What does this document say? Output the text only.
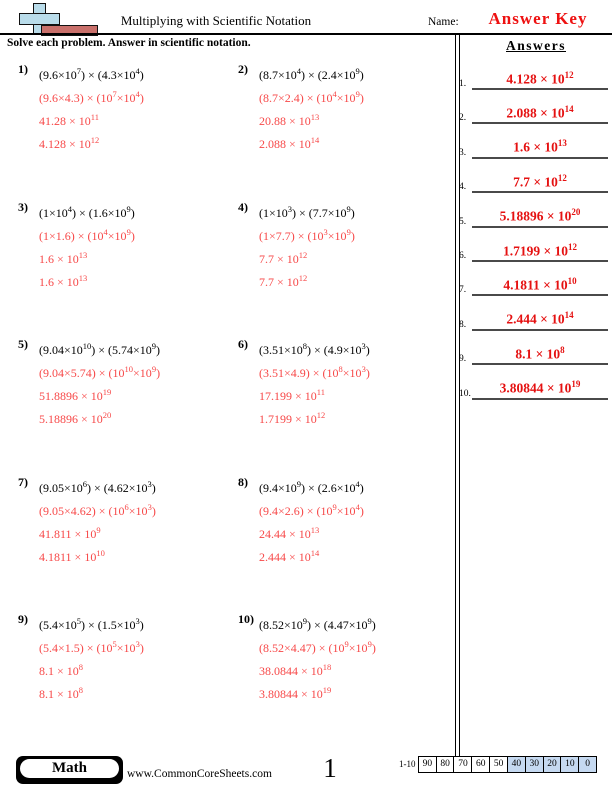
Multiplying with Scientific Notation	Name:	Answer Key
Solve each problem. Answer in scientific notation.	Answers
1.	$4.128 \times 10^{12}$
2.	$2.088 \times 10^{14}$
3.	$1.6 \times 10^{13}$
4.	$7.7 \times 10^{12}$
5.	$5.18896 \times 10^{20}$
6.	$1.7199 \times 10^{12}$
7.	$4.1811 \times 10^{10}$
8.	$2.444 \times 10^{14}$
9.	$8.1 \times 10^8$
10.	$3.80844 \times 10^{19}$
1) $(9.6\times 10^7) \times (4.3\times 10^4)$
$(9.6\times 4.3) \times (10^7\times 10^4)$
$41.28 \times 10^{11}$
$4.128 \times 10^{12}$
2) $(8.7\times 10^4) \times (2.4\times 10^9)$
$(8.7\times 2.4) \times (10^4\times 10^9)$
$20.88 \times 10^{13}$
$2.088 \times 10^{14}$
3) $(1\times 10^4) \times (1.6\times 10^9)$
$(1\times 1.6) \times (10^4\times 10^9)$
$1.6 \times 10^{13}$
$1.6 \times 10^{13}$
4) $(1\times 10^3) \times (7.7\times 10^9)$
$(1\times 7.7) \times (10^3\times 10^9)$
$7.7 \times 10^{12}$
$7.7 \times 10^{12}$
5) $(9.04\times 10^{10}) \times (5.74\times 10^9)$
$(9.04\times 5.74) \times (10^{10}\times 10^9)$
$51.8896 \times 10^{19}$
$5.18896 \times 10^{20}$
6) $(3.51\times 10^8) \times (4.9\times 10^3)$
$(3.51\times 4.9) \times (10^8\times 10^3)$
$17.199 \times 10^{11}$
$1.7199 \times 10^{12}$
7) $(9.05\times 10^6) \times (4.62\times 10^3)$
$(9.05\times 4.62) \times (10^6\times 10^3)$
$41.811 \times 10^9$
$4.1811 \times 10^{10}$
8) $(9.4\times 10^9) \times (2.6\times 10^4)$
$(9.4\times 2.6) \times (10^9\times 10^4)$
$24.44 \times 10^{13}$
$2.444 \times 10^{14}$
9) $(5.4\times 10^5) \times (1.5\times 10^3)$
$(5.4\times 1.5) \times (10^5\times 10^3)$
$8.1 \times 10^8$
$8.1 \times 10^8$
10) $(8.52\times 10^9) \times (4.47\times 10^9)$
$(8.52\times 4.47) \times (10^9\times 10^9)$
$38.0844 \times 10^{18}$
$3.80844 \times 10^{19}$
Math	www.CommonCoreSheets.com	1	1-10 90 80 70 60 50 40 30 20 10	0
